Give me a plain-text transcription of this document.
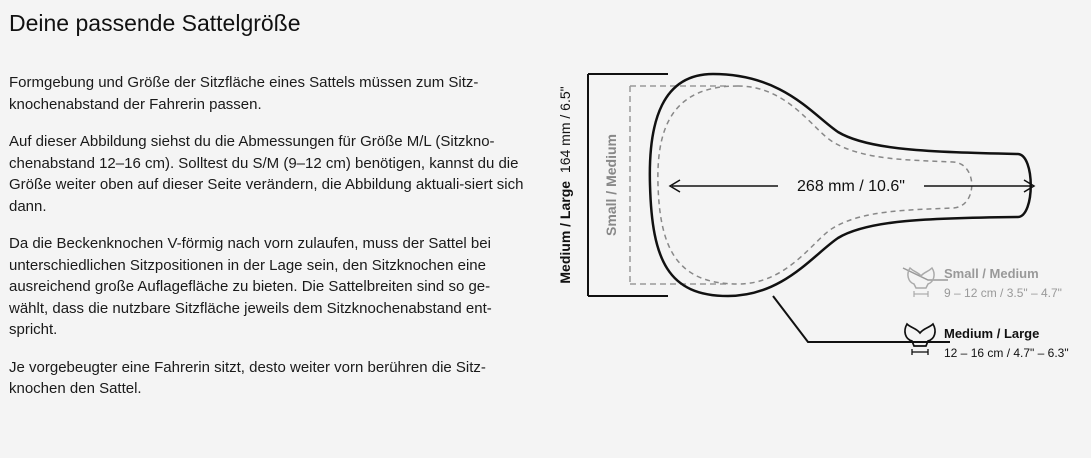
Deine passende Sattelgröße

Formgebung und Größe der Sitzfläche eines Sattels müssen zum Sitz-knochenabstand der Fahrerin passen.

Auf dieser Abbildung siehst du die Abmessungen für Größe M/L (Sitzkno-chenabstand 12–16 cm). Solltest du S/M (9–12 cm) benötigen, kannst du die Größe weiter oben auf dieser Seite verändern, die Abbildung aktuali-siert sich dann.

Da die Beckenknochen V-förmig nach vorn zulaufen, muss der Sattel bei unterschiedlichen Sitzpositionen in der Lage sein, den Sitzknochen eine ausreichend große Auflagefläche zu bieten. Die Sattelbreiten sind so ge-wählt, dass die nutzbare Sitzfläche jeweils dem Sitzknochenabstand ent-spricht.

Je vorgebeugter eine Fahrerin sitzt, desto weiter vorn berühren die Sitz-knochen den Sattel.

268 mm / 10.6"
Medium / Large 164 mm / 6.5"
Small / Medium
Small / Medium
9 – 12 cm / 3.5" – 4.7"
Medium / Large
12 – 16 cm / 4.7" – 6.3"
